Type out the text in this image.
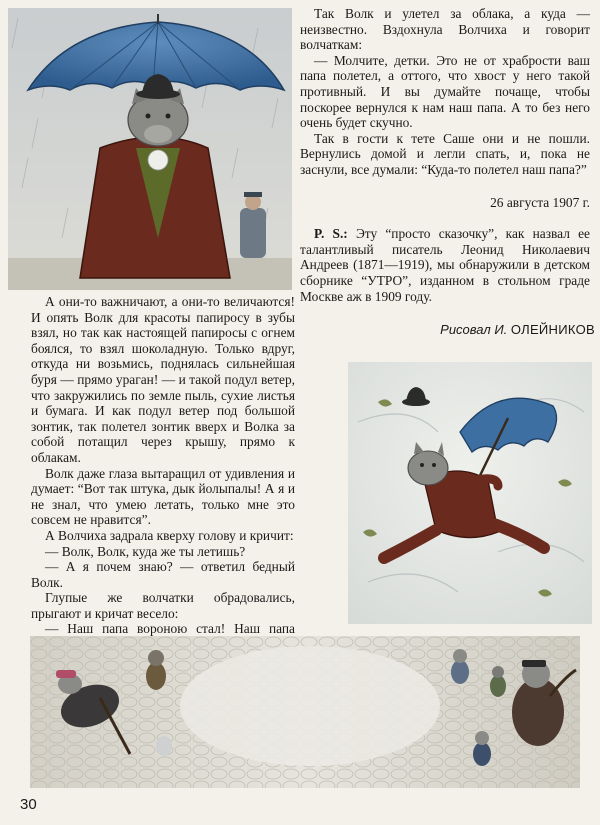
Так Волк и улетел за облака, а куда — неизвестно. Вздохнула Волчиха и говорит волчаткам:

— Молчите, детки. Это не от храбрости ваш папа полетел, а оттого, что хвост у него такой противный. И вы думайте почаще, чтобы поскорее вернулся к нам наш папа. А то без него очень будет скучно.

Так в гости к тете Саше они и не пошли. Вернулись домой и легли спать, и, пока не заснули, все думали: “Куда-то полетел наш папа?”

26 августа 1907 г.

P. S.: Эту “просто сказочку”, как назвал ее талантливый писатель Леонид Николаевич Андреев (1871—1919), мы обнаружили в детском сборнике “УТРО”, изданном в стольном граде Москве аж в 1909 году.

Рисовал И. ОЛЕЙНИКОВ

А они-то важничают, а они-то величаются! И опять Волк для красоты папиросу в зубы взял, но так как настоящей папиросы с огнем боялся, то взял шоколадную. Только вдруг, откуда ни возьмись, поднялась сильнейшая буря — прямо ураган! — и такой подул ветер, что закружились по земле пыль, сухие листья и бумага. И как подул ветер под большой зонтик, так полетел зонтик вверх и Волка за собой потащил через крышу, прямо к облакам.

Волк даже глаза вытаращил от удивления и думает: “Вот так штука, дык йолыпалы! А я и не знал, что умею летать, только мне это совсем не нравится”.

А Волчиха задрала кверху голову и кричит:

— Волк, Волк, куда же ты летишь?

— А я почем знаю? — ответил бедный Волк.

Глупые же волчатки обрадовались, прыгают и кричат весело:

— Наш папа вороною стал! Наш папа

30
